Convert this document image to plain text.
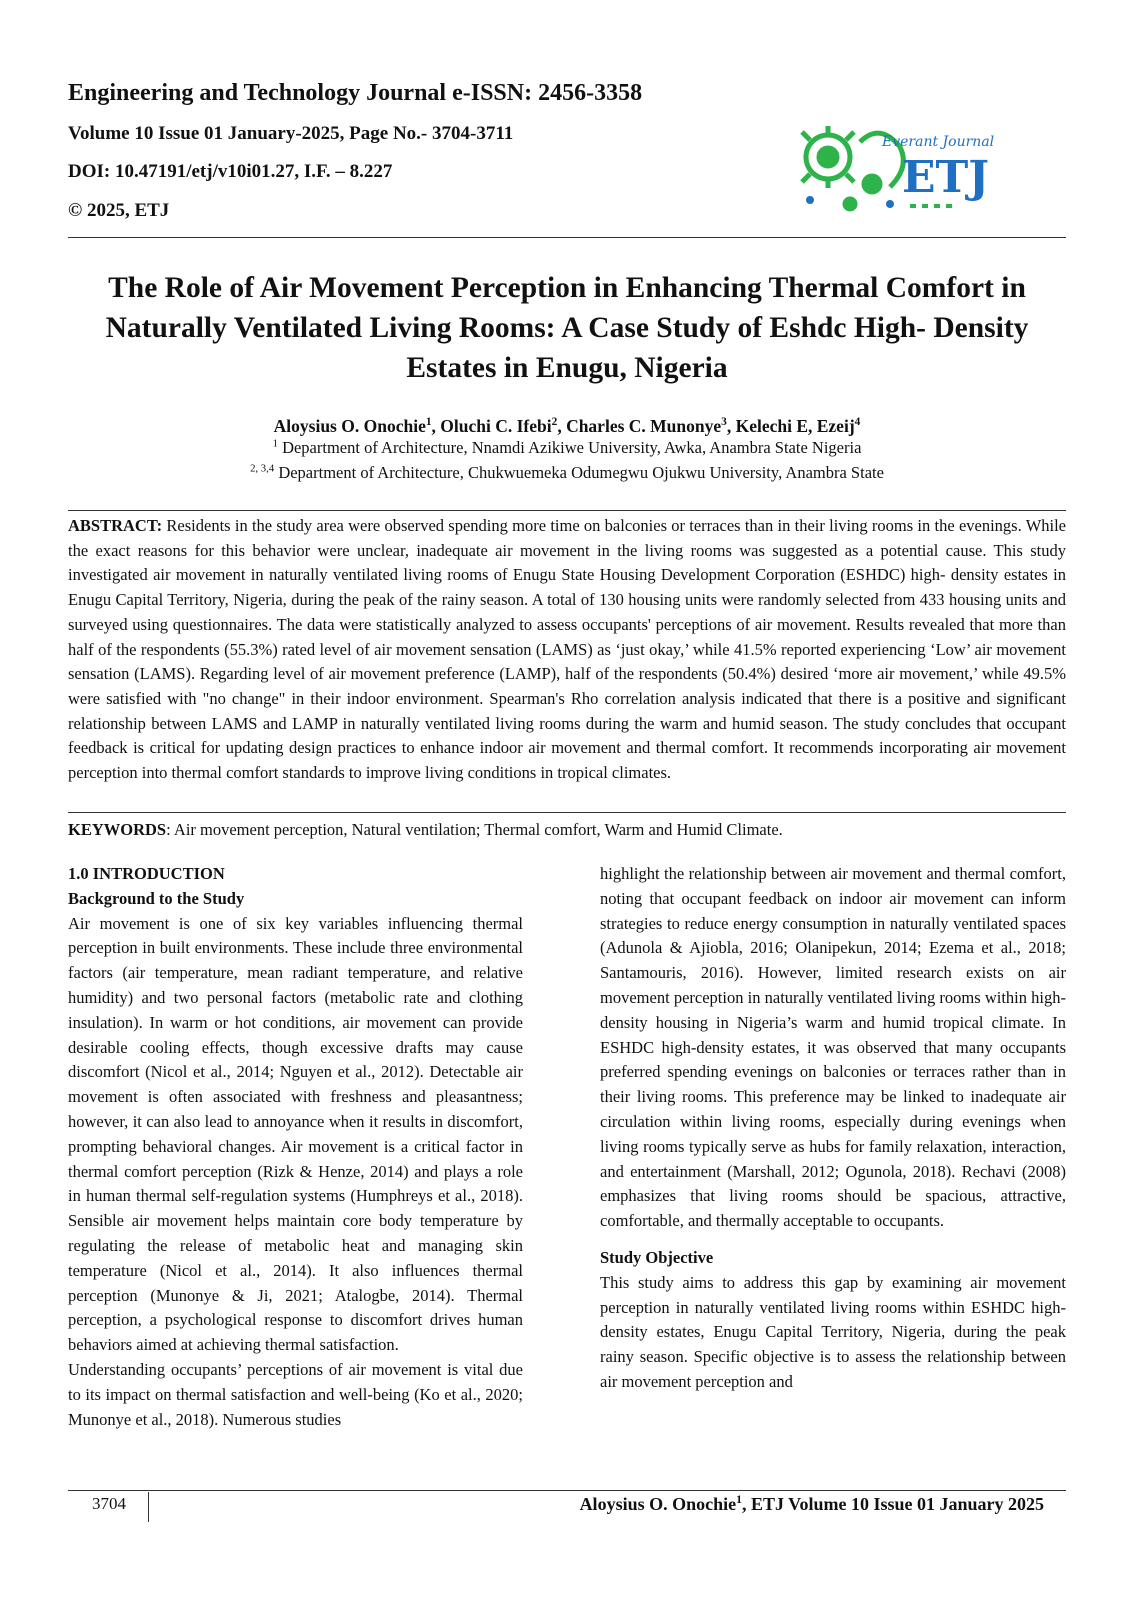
Engineering and Technology Journal e-ISSN: 2456-3358
Volume 10 Issue 01 January-2025, Page No.- 3704-3711
DOI: 10.47191/etj/v10i01.27, I.F. – 8.227
© 2025, ETJ
Everant Journal
ETJ
The Role of Air Movement Perception in Enhancing Thermal Comfort in
Naturally Ventilated Living Rooms: A Case Study of Eshdc High- Density
Estates in Enugu, Nigeria
Aloysius O. Onochie$^1$, Oluchi C. Ifebi$^2$, Charles C. Munonye$^3$, Kelechi E, Ezeij$^4$
$^1$ Department of Architecture, Nnamdi Azikiwe University, Awka, Anambra State Nigeria
$^{2, 3,4}$ Department of Architecture, Chukwuemeka Odumegwu Ojukwu University, Anambra State
ABSTRACT: Residents in the study area were observed spending more time on balconies or terraces than in their living rooms in the evenings. While the exact reasons for this behavior were unclear, inadequate air movement in the living rooms was suggested as a potential cause. This study investigated air movement in naturally ventilated living rooms of Enugu State Housing Development Corporation (ESHDC) high- density estates in Enugu Capital Territory, Nigeria, during the peak of the rainy season. A total of 130 housing units were randomly selected from 433 housing units and surveyed using questionnaires. The data were statistically analyzed to assess occupants' perceptions of air movement. Results revealed that more than half of the respondents (55.3%) rated level of air movement sensation (LAMS) as ‘just okay,’ while 41.5% reported experiencing ‘Low’ air movement sensation (LAMS). Regarding level of air movement preference (LAMP), half of the respondents (50.4%) desired ‘more air movement,’ while 49.5% were satisfied with "no change" in their indoor environment. Spearman's Rho correlation analysis indicated that there is a positive and significant relationship between LAMS and LAMP in naturally ventilated living rooms during the warm and humid season. The study concludes that occupant feedback is critical for updating design practices to enhance indoor air movement and thermal comfort. It recommends incorporating air movement perception into thermal comfort standards to improve living conditions in tropical climates.
KEYWORDS: Air movement perception, Natural ventilation; Thermal comfort, Warm and Humid Climate.

1.0 INTRODUCTION

Background to the Study

Air movement is one of six key variables influencing thermal perception in built environments. These include three environmental factors (air temperature, mean radiant temperature, and relative humidity) and two personal factors (metabolic rate and clothing insulation). In warm or hot conditions, air movement can provide desirable cooling effects, though excessive drafts may cause discomfort (Nicol et al., 2014; Nguyen et al., 2012). Detectable air movement is often associated with freshness and pleasantness; however, it can also lead to annoyance when it results in discomfort, prompting behavioral changes. Air movement is a critical factor in thermal comfort perception (Rizk & Henze, 2014) and plays a role in human thermal self-regulation systems (Humphreys et al., 2018). Sensible air movement helps maintain core body temperature by regulating the release of metabolic heat and managing skin temperature (Nicol et al., 2014). It also influences thermal perception (Munonye & Ji, 2021; Atalogbe, 2014). Thermal perception, a psychological response to discomfort drives human behaviors aimed at achieving thermal satisfaction.

Understanding occupants’ perceptions of air movement is vital due to its impact on thermal satisfaction and well-being (Ko et al., 2020; Munonye et al., 2018). Numerous studies

highlight the relationship between air movement and thermal comfort, noting that occupant feedback on indoor air movement can inform strategies to reduce energy consumption in naturally ventilated spaces (Adunola & Ajiobla, 2016; Olanipekun, 2014; Ezema et al., 2018; Santamouris, 2016). However, limited research exists on air movement perception in naturally ventilated living rooms within high-density housing in Nigeria’s warm and humid tropical climate. In ESHDC high-density estates, it was observed that many occupants preferred spending evenings on balconies or terraces rather than in their living rooms. This preference may be linked to inadequate air circulation within living rooms, especially during evenings when living rooms typically serve as hubs for family relaxation, interaction, and entertainment (Marshall, 2012; Ogunola, 2018). Rechavi (2008) emphasizes that living rooms should be spacious, attractive, comfortable, and thermally acceptable to occupants.

Study Objective

This study aims to address this gap by examining air movement perception in naturally ventilated living rooms within ESHDC high-density estates, Enugu Capital Territory, Nigeria, during the peak rainy season. Specific objective is to assess the relationship between air movement perception and

3704	Aloysius O. Onochie$^1$, ETJ Volume 10 Issue 01 January 2025
